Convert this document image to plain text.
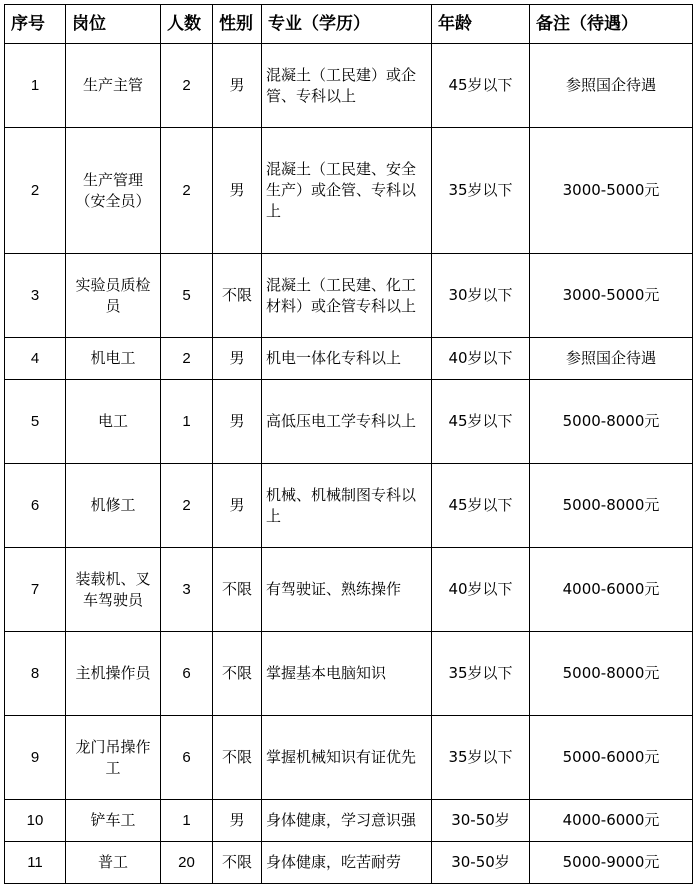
序号	岗位	人数	性别	专业（学历）	年龄	备注（待遇）
1	生产主管	2	男	混凝土（工民建）或企管、专科以上	45岁以下	参照国企待遇
2	生产管理（安全员）	2	男	混凝土（工民建、安全生产）或企管、专科以上	35岁以下	3000-5000元
3	实验员质检员	5	不限	混凝土（工民建、化工材料）或企管专科以上	30岁以下	3000-5000元
4	机电工	2	男	机电一体化专科以上	40岁以下	参照国企待遇
5	电工	1	男	高低压电工学专科以上	45岁以下	5000-8000元
6	机修工	2	男	机械、机械制图专科以上	45岁以下	5000-8000元
7	装载机、叉车驾驶员	3	不限	有驾驶证、熟练操作	40岁以下	4000-6000元
8	主机操作员	6	不限	掌握基本电脑知识	35岁以下	5000-8000元
9	龙门吊操作工	6	不限	掌握机械知识有证优先	35岁以下	5000-6000元
10	铲车工	1	男	身体健康，学习意识强	30-50岁	4000-6000元
11	普工	20	不限	身体健康，吃苦耐劳	30-50岁	5000-9000元
